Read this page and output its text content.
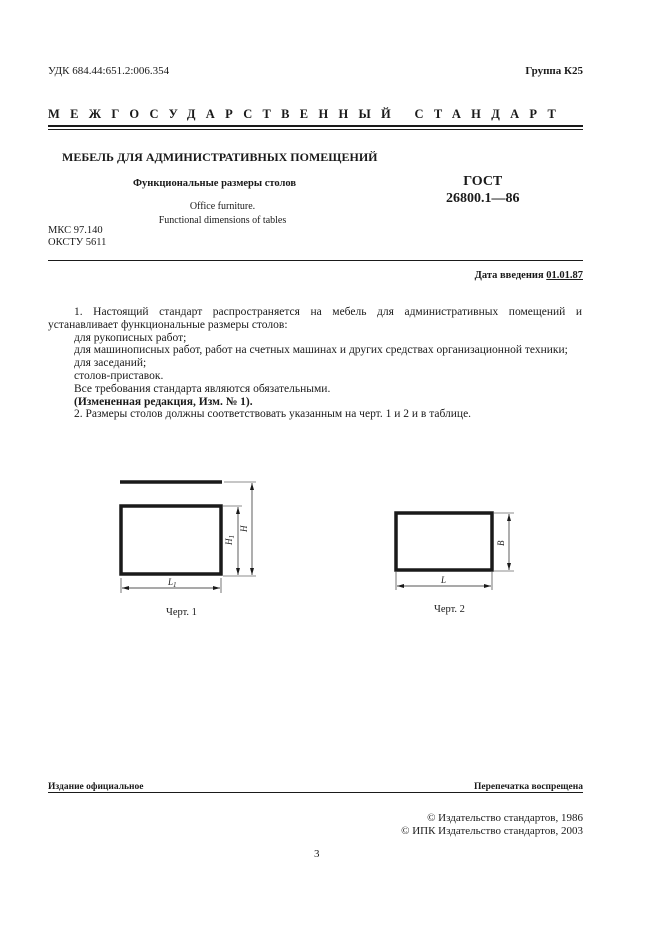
УДК 684.44:651.2:006.354	Группа К25
МЕЖГОСУДАРСТВЕННЫЙ СТАНДАРТ
МЕБЕЛЬ ДЛЯ АДМИНИСТРАТИВНЫХ ПОМЕЩЕНИЙ
Функциональные размеры столов	ГОСТ
26800.1—86
Office furniture.
Functional dimensions of tables
МКС 97.140
ОКСТУ 5611
Дата введения 01.01.87

1. Настоящий стандарт распространяется на мебель для административных помещений и устанавливает функциональные размеры столов:

для рукописных работ;

для машинописных работ, работ на счетных машинах и других средствах организационной техники;

для заседаний;

столов-приставок.

Все требования стандарта являются обязательными.

(Измененная редакция, Изм. № 1).

2. Размеры столов должны соответствовать указанным на черт. 1 и 2 и в таблице.

$H_1$
H
$L_1$
B
L
Черт. 1	Черт. 2
Издание официальное	Перепечатка воспрещена
© Издательство стандартов, 1986
© ИПК Издательство стандартов, 2003
3
